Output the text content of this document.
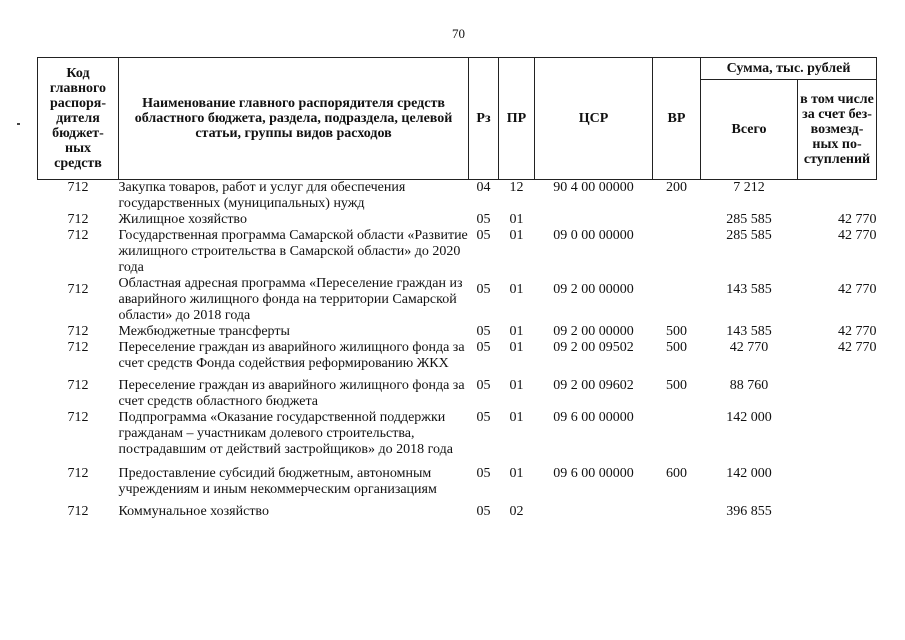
70
Код главного распоря-дителя бюджет-ных средств	Наименование главного распорядителя средств областного бюджета, раздела, подраздела, целевой статьи, группы видов расходов	Рз	ПР	ЦСР	ВР	Сумма, тыс. рублей	
						Всего	в том числе за счет без-возмезд-ных по-ступлений
712	Закупка товаров, работ и услуг для обеспечения государственных (муниципальных) нужд	04	12	90 4 00 00000	200	7 212	
712	Жилищное хозяйство	05	01			285 585	42 770
712	Государственная программа Самарской области «Развитие жилищного строительства в Самарской области» до 2020 года	05	01	09 0 00 00000		285 585	42 770
712	Областная адресная программа «Переселение граждан из аварийного жилищного фонда на территории Самарской области» до 2018 года	05	01	09 2 00 00000		143 585	42 770
712	Межбюджетные трансферты	05	01	09 2 00 00000	500	143 585	42 770
712	Переселение граждан из аварийного жилищного фонда за счет средств Фонда содействия реформированию ЖКХ	05	01	09 2 00 09502	500	42 770	42 770
712	Переселение граждан из аварийного жилищного фонда за счет средств областного бюджета	05	01	09 2 00 09602	500	88 760	
712	Подпрограмма «Оказание государственной поддержки гражданам – участникам долевого строительства, пострадавшим от действий застройщиков» до 2018 года	05	01	09 6 00 00000		142 000	
712	Предоставление субсидий бюджетным, автономным учреждениям и иным некоммерческим организациям	05	01	09 6 00 00000	600	142 000	
712	Коммунальное хозяйство	05	02			396 855	
